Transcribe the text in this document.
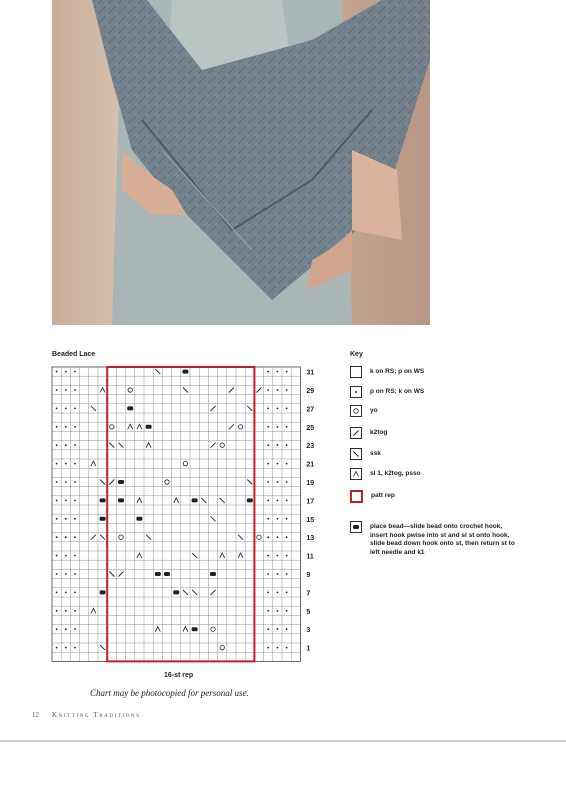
Beaded Lace
31
29
27
25
23
21
19
17
15
13
11
9
7
5
3
1
16-st rep
Key
k on RS; p on WS
p on RS; k on WS
yo
k2tog
ssk
sl 1, k2tog, psso
patt rep
place bead—slide bead onto crochet hook, insert hook pwise into st and sl st onto hook, slide bead down hook onto st, then return st to left needle and k1
Chart may be photocopied for personal use.
12 Knitting Traditions
